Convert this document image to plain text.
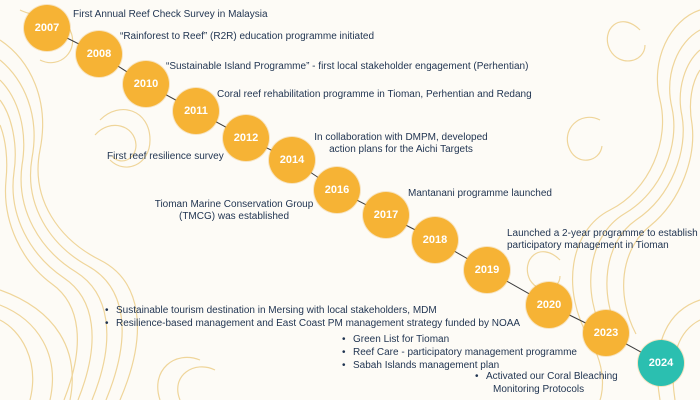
2007
2008
2010
2011
2012
2014
2016
2017
2018
2019
2020
2023
2024
First Annual Reef Check Survey in Malaysia
“Rainforest to Reef” (R2R) education programme initiated
“Sustainable Island Programme” - first local stakeholder engagement (Perhentian)
Coral reef rehabilitation programme in Tioman, Perhentian and Redang
First reef resilience survey
In collaboration with DMPM, developed
action plans for the Aichi Targets
Tioman Marine Conservation Group
(TMCG) was established
Mantanani programme launched
Launched a 2-year programme to establish
participatory management in Tioman
• Sustainable tourism destination in Mersing with local stakeholders, MDM
• Resilience-based management and East Coast PM management strategy funded by NOAA
• Green List for Tioman
• Reef Care - participatory management programme
• Sabah Islands management plan
• Activated our Coral Bleaching
Monitoring Protocols
